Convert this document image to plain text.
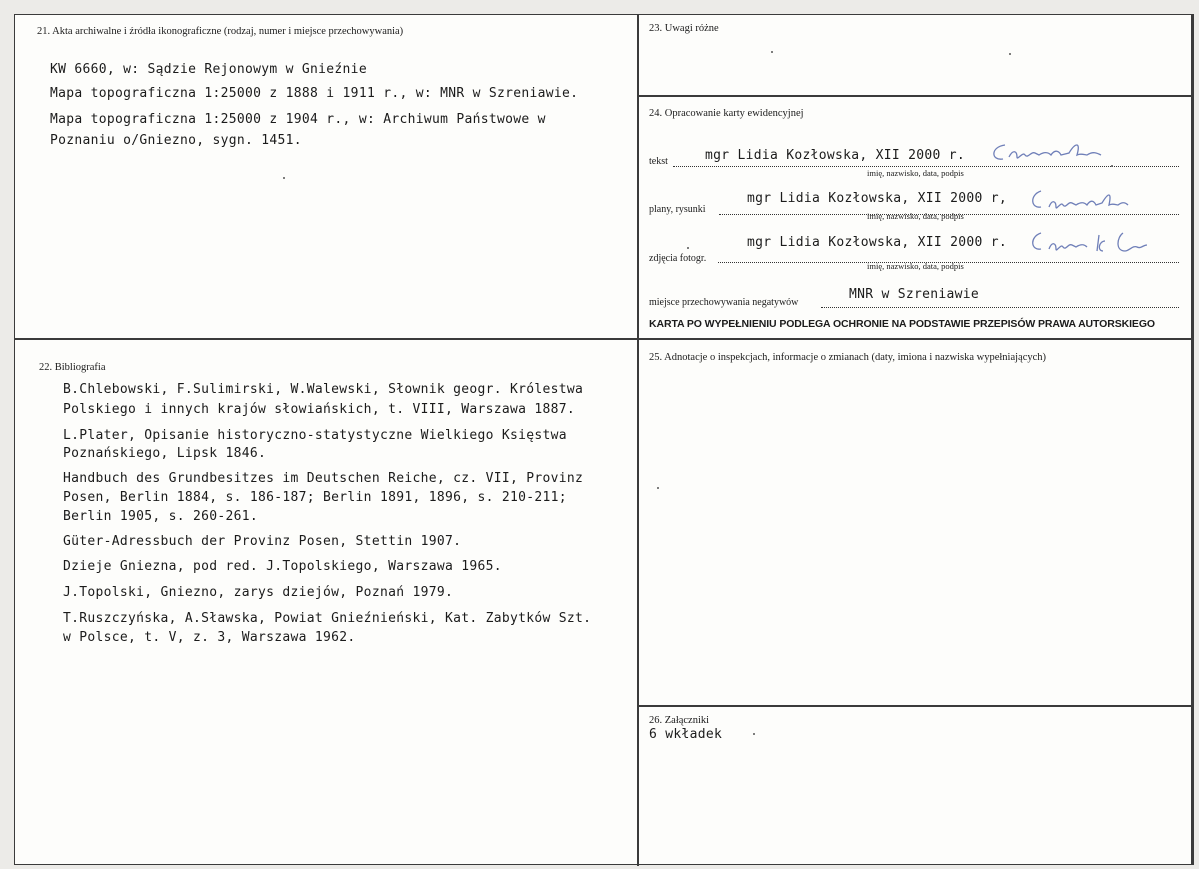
21. Akta archiwalne i źródła ikonograficzne (rodzaj, numer i miejsce przechowywania)
KW 6660, w: Sądzie Rejonowym w Gnieźnie
Mapa topograficzna 1:25000 z 1888 i 1911 r., w: MNR w Szreniawie.
Mapa topograficzna 1:25000 z 1904 r., w: Archiwum Państwowe w
Poznaniu o/Gniezno, sygn. 1451.
22. Bibliografia
B.Chlebowski, F.Sulimirski, W.Walewski, Słownik geogr. Królestwa
Polskiego i innych krajów słowiańskich, t. VIII, Warszawa 1887.
L.Plater, Opisanie historyczno-statystyczne Wielkiego Księstwa
Poznańskiego, Lipsk 1846.
Handbuch des Grundbesitzes im Deutschen Reiche, cz. VII, Provinz
Posen, Berlin 1884, s. 186-187; Berlin 1891, 1896, s. 210-211;
Berlin 1905, s. 260-261.
Güter-Adressbuch der Provinz Posen, Stettin 1907.
Dzieje Gniezna, pod red. J.Topolskiego, Warszawa 1965.
J.Topolski, Gniezno, zarys dziejów, Poznań 1979.
T.Ruszczyńska, A.Sławska, Powiat Gnieźnieński, Kat. Zabytków Szt.
w Polsce, t. V, z. 3, Warszawa 1962.
23. Uwagi różne
24. Opracowanie karty ewidencyjnej
tekst	mgr Lidia Kozłowska, XII 2000 r.
imię, nazwisko, data, podpis
plany, rysunki
mgr Lidia Kozłowska, XII 2000 r,
imię, nazwisko, data, podpis
zdjęcia fotogr.
mgr Lidia Kozłowska, XII 2000 r.
imię, nazwisko, data, podpis
miejsce przechowywania negatywów
MNR w Szreniawie
KARTA PO WYPEŁNIENIU PODLEGA OCHRONIE NA PODSTAWIE PRZEPISÓW PRAWA AUTORSKIEGO
25. Adnotacje o inspekcjach, informacje o zmianach (daty, imiona i nazwiska wypełniających)
26. Załączniki
6 wkładek
